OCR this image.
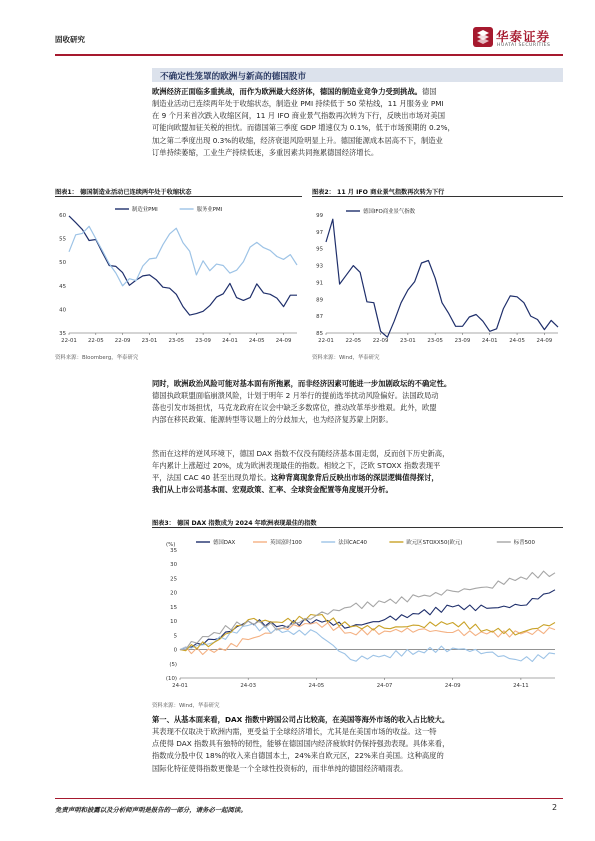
固收研究	华泰证券
HUATAI SECURITIES
不确定性笼罩的欧洲与新高的德国股市
欧洲经济正面临多重挑战，而作为欧洲最大经济体，德国的制造业竞争力受到挑战。德国
制造业活动已连续两年处于收缩状态，制造业 PMI 持续低于 50 荣枯线，11 月服务业 PMI
在 9 个月来首次跌入收缩区间，11 月 IFO 商业景气指数再次转为下行，反映出市场对美国
可能向欧盟加征关税的担忧。而德国第三季度 GDP 增速仅为 0.1%，低于市场预期的 0.2%，
加之第二季度出现 0.3%的收缩，经济衰退风险明显上升。德国能源成本居高不下，制造业
订单持续萎缩，工业生产持续低迷，多重因素共同拖累德国经济增长。
图表1： 德国制造业活动已连续两年处于收缩状态
35
40
45
50
55
60
22-01 22-05 22-09 23-01 23-05 23-09 24-01 24-05 24-09
制造业PMI	服务业PMI
资料来源：Bloomberg，华泰研究
图表2： 11 月 IFO 商业景气指数再次转为下行
85
87
89
91
93
95
97
99
22-01 22-05 22-09 23-01 23-05 23-09 24-01 24-05 24-09
德国IFO商业景气指数
资料来源：Wind，华泰研究
同时，欧洲政治风险可能对基本面有所拖累，而非经济因素可能进一步加剧政坛的不确定性。
德国执政联盟面临崩溃风险，计划于明年 2 月举行的提前选举扰动风险偏好。法国政局动
荡也引发市场担忧，马克龙政府在议会中缺乏多数席位，推动改革举步维艰。此外，欧盟
内部在移民政策、能源转型等议题上的分歧加大，也为经济复苏蒙上阴影。
然而在这样的逆风环境下，德国 DAX 指数不仅没有随经济基本面走弱，反而创下历史新高，
年内累计上涨超过 20%，成为欧洲表现最佳的指数。相较之下，泛欧 STOXX 指数表现平
平，法国 CAC 40 甚至出现负增长。这种背离现象背后反映出市场的深层逻辑值得探讨，
我们从上市公司基本面、宏观政策、汇率、全球资金配置等角度展开分析。
图表3： 德国 DAX 指数成为 2024 年欧洲表现最佳的指数
(10)
(5)
0
5
10
15
20
25
30
35
24-01	24-03	24-05	24-07	24-09	24-11
(%)	德国DAX	英国富时100	法国CAC40	欧元区STOXX50(欧元)	标普500
资料来源：Wind，华泰研究
第一、从基本面来看，DAX 指数中跨国公司占比较高，在美国等海外市场的收入占比较大。
其表现不仅取决于欧洲内需，更受益于全球经济增长，尤其是在美国市场的收益。这一特
点使得 DAX 指数具有独特的韧性，能够在德国国内经济疲软时仍保持强劲表现。具体来看，
指数成分股中仅 18%的收入来自德国本土，24%来自欧元区，22%来自美国。这种高度的
国际化特征使得指数更像是一个全球性投资标的，而非单纯的德国经济晴雨表。
免责声明和披露以及分析师声明是报告的一部分，请务必一起阅读。	2
